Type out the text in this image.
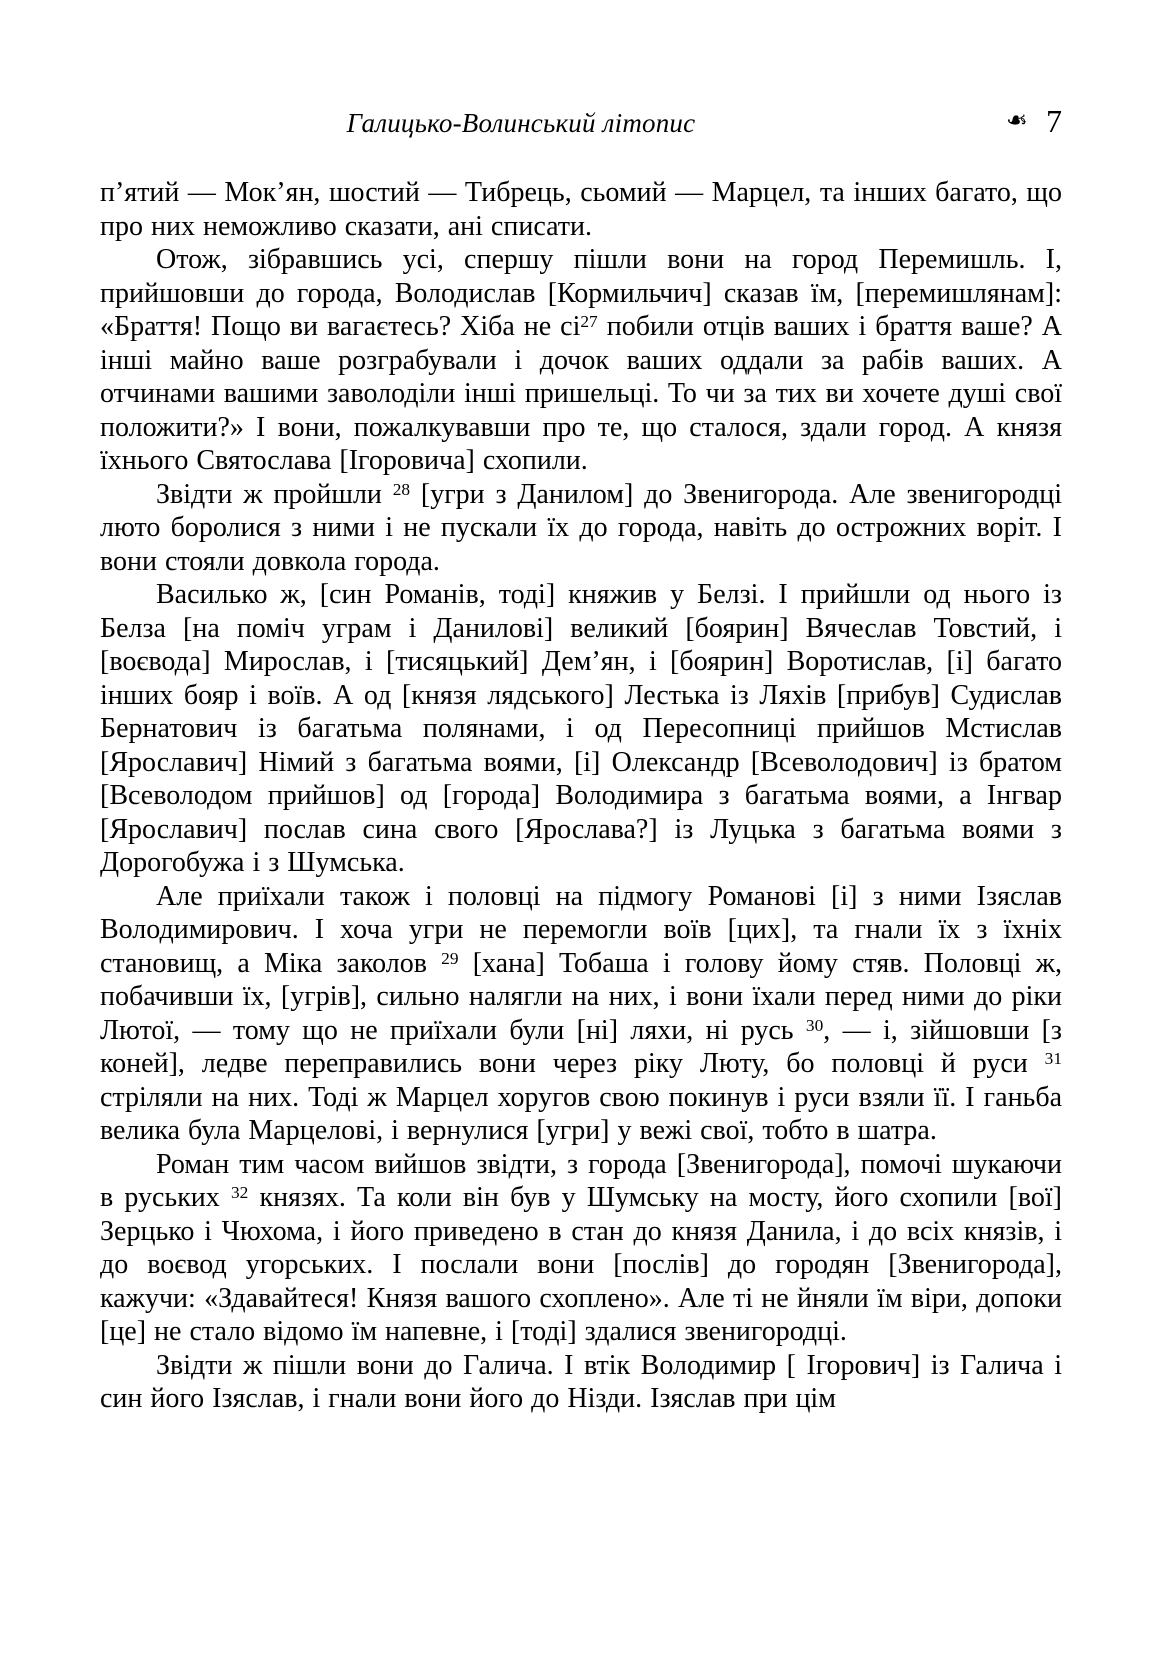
Галицько-Волинський літопис	❧ 7

п’ятий — Мок’ян, шостий — Тибрець, сьомий — Марцел, та інших багато, що про них неможливо сказати, ані списати.

Отож, зібравшись усі, спершу пішли вони на город Перемишль. І, прийшовши до города, Володислав [Кормильчич] сказав їм, [перемишлянам]: «Браття! Пощо ви вагаєтесь? Хіба не $сі^{27}$ побили отців ваших і браття ваше? А інші майно ваше розграбували і дочок ваших оддали за рабів ваших. А отчинами вашими заволоділи інші пришельці. То чи за тих ви хочете душі свої положити?» І вони, пожалкувавши про те, що сталося, здали город. А князя їхнього Святослава [Ігоровича] схопили.

Звідти ж пройшли $^{28}$ [угри з Данилом] до Звенигорода. Але звенигородці люто боролися з ними і не пускали їх до города, навіть до острожних воріт. І вони стояли довкола города.

Василько ж, [син Романів, тоді] княжив у Белзі. І прийшли од нього із Белза [на поміч уграм і Данилові] великий [боярин] Вячеслав Товстий, і [воєвода] Мирослав, і [тисяцький] Дем’ян, і [боярин] Воротислав, [і] багато інших бояр і воїв. А од [князя лядського] Лестька із Ляхів [прибув] Судислав Бернатович із багатьма полянами, і од Пересопниці прийшов Мстислав [Ярославич] Німий з багатьма воями, [і] Олександр [Всеволодович] із братом [Всеволодом прийшов] од [города] Володимира з багатьма воями, а Інгвар [Ярославич] послав сина свого [Ярослава?] із Луцька з багатьма воями з Дорогобужа і з Шумська.

Але приїхали також і половці на підмогу Романові [і] з ними Ізяслав Володимирович. І хоча угри не перемогли воїв [цих], та гнали їх з їхніх становищ, а Міка заколов $^{29}$ [хана] Тобаша і голову йому стяв. Половці ж, побачивши їх, [угрів], сильно налягли на них, і вони їхали перед ними до ріки Лютої, — тому що не приїхали були [ні] ляхи, ні русь $^{30}$, — і, зійшовши [з коней], ледве переправились вони через ріку Люту, бо половці й руси $^{31}$ стріляли на них. Тоді ж Марцел хоругов свою покинув і руси взяли її. І ганьба велика була Марцелові, і вернулися [угри] у вежі свої, тобто в шатра.

Роман тим часом вийшов звідти, з города [Звенигорода], помочі шукаючи в руських $^{32}$ князях. Та коли він був у Шумську на мосту, його схопили [вої] Зерцько і Чюхома, і його приведено в стан до князя Данила, і до всіх князів, і до воєвод угорських. І послали вони [послів] до городян [Звенигорода], кажучи: «Здавайтеся! Князя вашого схоплено». Але ті не йняли їм віри, допоки [це] не стало відомо їм напевне, і [тоді] здалися звенигородці.

Звідти ж пішли вони до Галича. І втік Володимир [ Ігорович] із Галича і син його Ізяслав, і гнали вони його до Нізди. Ізяслав при цім
